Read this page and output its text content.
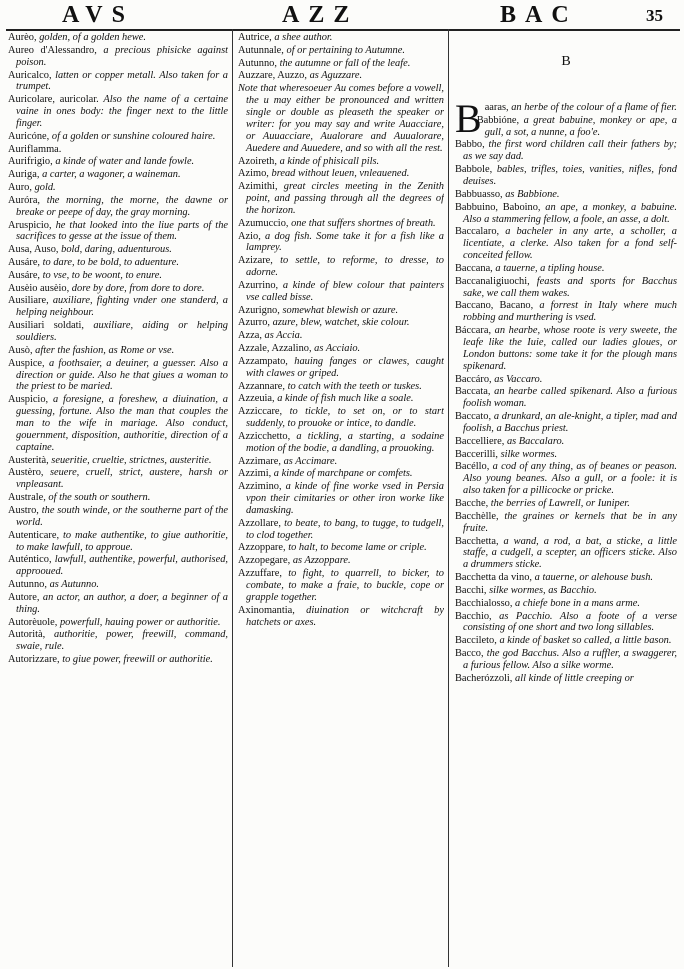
AVS	AZZ	BAC	35

Aurèo, golden, of a golden hewe.

Aureo d'Alessandro, a precious phisicke against poison.

Auricalco, latten or copper metall. Also taken for a trumpet.

Auricolare, auricolar. Also the name of a certaine vaine in ones body: the finger next to the little finger.

Auricóne, of a golden or sunshine coloured haire.

Auriflamma.

Aurifrigio, a kinde of water and lande fowle.

Auriga, a carter, a wagoner, a waineman.

Auro, gold.

Auróra, the morning, the morne, the dawne or breake or peepe of day, the gray morning.

Aruspicio, he that looked into the liue parts of the sacrifices to gesse at the issue of them.

Ausa, Auso, bold, daring, aduenturous.

Ausáre, to dare, to be bold, to aduenture.

Ausáre, to vse, to be woont, to enure.

Ausèio ausèio, dore by dore, from dore to dore.

Ausiliare, auxiliare, fighting vnder one standerd, a helping neighbour.

Ausiliari soldati, auxiliare, aiding or helping souldiers.

Ausò, after the fashion, as Rome or vse.

Auspice, a foothsaier, a deuiner, a guesser. Also a direction or guide. Also he that giues a woman to the priest to be maried.

Auspicio, a foresigne, a foreshew, a diuination, a guessing, fortune. Also the man that couples the man to the wife in mariage. Also conduct, gouernment, disposition, authoritie, direction of a captaine.

Austerità, seueritie, crueltie, strictnes, austeritie.

Austèro, seuere, cruell, strict, austere, harsh or vnpleasant.

Australe, of the south or southern.

Austro, the south winde, or the southerne part of the world.

Autenticare, to make authentike, to giue authoritie, to make lawfull, to approue.

Auténtico, lawfull, authentike, powerful, authorised, approoued.

Autunno, as Autunno.

Autore, an actor, an author, a doer, a beginner of a thing.

Autorèuole, powerfull, hauing power or authoritie.

Autorità, authoritie, power, freewill, command, swaie, rule.

Autorizzare, to giue power, freewill or authoritie.

Autrice, a shee author.

Autunnale, of or pertaining to Autumne.

Autunno, the autumne or fall of the leafe.

Auzzare, Auzzo, as Aguzzare.

Note that wheresoeuer Au comes before a vowell, the u may either be pronounced and written single or double as pleaseth the speaker or writer: for you may say and write Auacciare, or Auuacciare, Aualorare and Auualorare, Auedere and Auuedere, and so with all the rest.

Azoireth, a kinde of phisicall pils.

Azimo, bread without leuen, vnleauened.

Azimithi, great circles meeting in the Zenith point, and passing through all the degrees of the horizon.

Azumuccio, one that suffers shortnes of breath.

Azio, a dog fish. Some take it for a fish like a lamprey.

Azizare, to settle, to reforme, to dresse, to adorne.

Azurrino, a kinde of blew colour that painters vse called bisse.

Azurigno, somewhat blewish or azure.

Azurro, azure, blew, watchet, skie colour.

Azza, as Accia.

Azzale, Azzalino, as Acciaio.

Azzampato, hauing fanges or clawes, caught with clawes or griped.

Azzannare, to catch with the teeth or tuskes.

Azzeuia, a kinde of fish much like a soale.

Azziccare, to tickle, to set on, or to start suddenly, to prouoke or intice, to dandle.

Azzicchetto, a tickling, a starting, a sodaine motion of the bodie, a dandling, a prouoking.

Azzimare, as Accimare.

Azzimi, a kinde of marchpane or comfets.

Azzimino, a kinde of fine worke vsed in Persia vpon their cimitaries or other iron worke like damasking.

Azzollare, to beate, to bang, to tugge, to tudgell, to clod together.

Azzoppare, to halt, to become lame or criple.

Azzopegare, as Azzoppare.

Azzuffare, to fight, to quarrell, to bicker, to combate, to make a fraie, to buckle, cope or grapple together.

Axinomantia, diuination or witchcraft by hatchets or axes.

B

Baaras, an herbe of the colour of a flame of fier.

Babbióne, a great babuine, monkey or ape, a gull, a sot, a nunne, a foo'e.

Babbo, the first word children call their fathers by; as we say dad.

Babbole, bables, trifles, toies, vanities, nifles, fond deuises.

Babbuasso, as Babbione.

Babbuino, Baboino, an ape, a monkey, a babuine. Also a stammering fellow, a foole, an asse, a dolt.

Baccalaro, a bacheler in any arte, a scholler, a licentiate, a clerke. Also taken for a fond self-conceited fellow.

Baccana, a tauerne, a tipling house.

Baccanaligiuochi, feasts and sports for Bacchus sake, we call them wakes.

Baccano, Bacano, a forrest in Italy where much robbing and murthering is vsed.

Báccara, an hearbe, whose roote is very sweete, the leafe like the Iuie, called our ladies gloues, or London buttons: some take it for the plough mans spikenard.

Baccáro, as Vaccaro.

Baccata, an hearbe called spikenard. Also a furious foolish woman.

Baccato, a drunkard, an ale-knight, a tipler, mad and foolish, a Bacchus priest.

Baccelliere, as Baccalaro.

Baccerilli, silke wormes.

Bacéllo, a cod of any thing, as of beanes or peason. Also young beanes. Also a gull, or a foole: it is also taken for a pillicocke or pricke.

Bacche, the berries of Lawrell, or Iuniper.

Bacchèlle, the graines or kernels that be in any fruite.

Bacchetta, a wand, a rod, a bat, a sticke, a little staffe, a cudgell, a scepter, an officers sticke. Also a drummers sticke.

Bacchetta da vino, a tauerne, or alehouse bush.

Bacchi, silke wormes, as Bacchio.

Bacchialosso, a chiefe bone in a mans arme.

Bacchio, as Pacchio. Also a foote of a verse consisting of one short and two long sillables.

Baccileto, a kinde of basket so called, a little bason.

Bacco, the god Bacchus. Also a ruffler, a swaggerer, a furious fellow. Also a silke worme.

Bacherózzoli, all kinde of little creeping or
